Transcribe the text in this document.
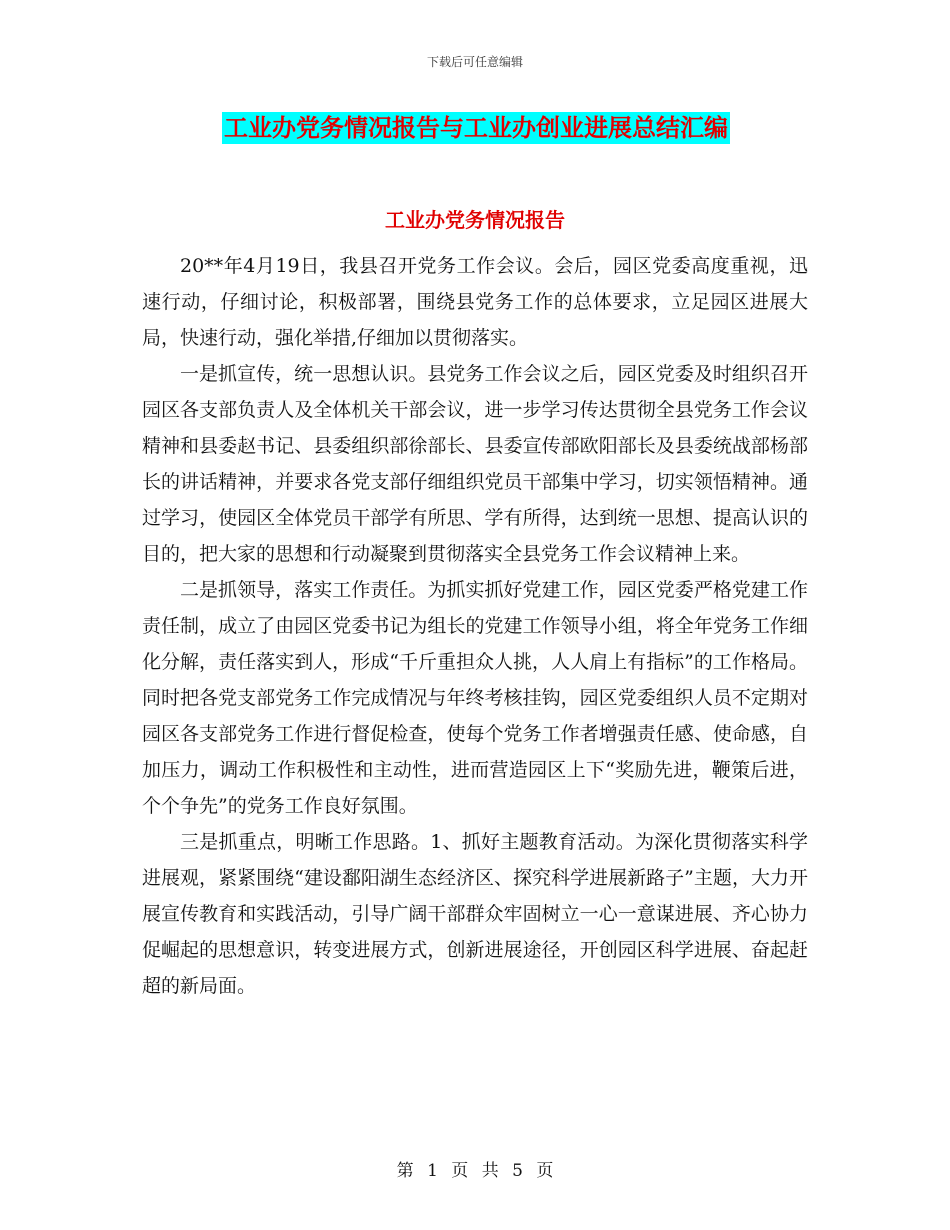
下载后可任意编辑
工业办党务情况报告与工业办创业进展总结汇编
工业办党务情况报告

20**年4月19日，我县召开党务工作会议。会后，园区党委高度重视，迅速行动，仔细讨论，积极部署，围绕县党务工作的总体要求，立足园区进展大局，快速行动，强化举措,仔细加以贯彻落实。

一是抓宣传，统一思想认识。县党务工作会议之后，园区党委及时组织召开园区各支部负责人及全体机关干部会议，进一步学习传达贯彻全县党务工作会议精神和县委赵书记、县委组织部徐部长、县委宣传部欧阳部长及县委统战部杨部长的讲话精神，并要求各党支部仔细组织党员干部集中学习，切实领悟精神。通过学习，使园区全体党员干部学有所思、学有所得，达到统一思想、提高认识的目的，把大家的思想和行动凝聚到贯彻落实全县党务工作会议精神上来。

二是抓领导，落实工作责任。为抓实抓好党建工作，园区党委严格党建工作责任制，成立了由园区党委书记为组长的党建工作领导小组，将全年党务工作细化分解，责任落实到人，形成“千斤重担众人挑，人人肩上有指标”的工作格局。同时把各党支部党务工作完成情况与年终考核挂钩，园区党委组织人员不定期对园区各支部党务工作进行督促检查，使每个党务工作者增强责任感、使命感，自加压力，调动工作积极性和主动性，进而营造园区上下“奖励先进，鞭策后进，个个争先”的党务工作良好氛围。

三是抓重点，明晰工作思路。1、抓好主题教育活动。为深化贯彻落实科学进展观，紧紧围绕“建设鄱阳湖生态经济区、探究科学进展新路子”主题，大力开展宣传教育和实践活动，引导广阔干部群众牢固树立一心一意谋进展、齐心协力促崛起的思想意识，转变进展方式，创新进展途径，开创园区科学进展、奋起赶超的新局面。

第 1 页 共 5 页
